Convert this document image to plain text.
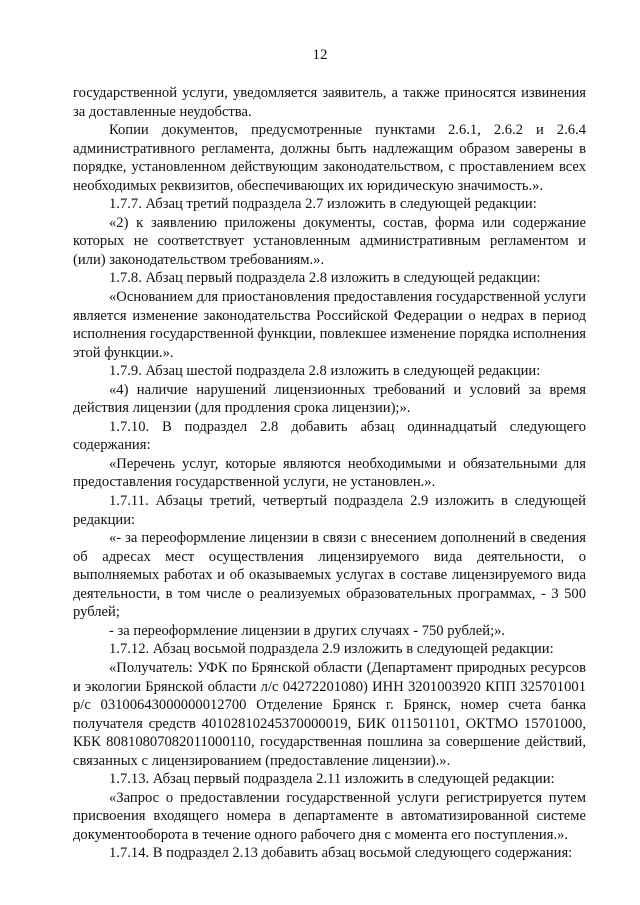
12

государственной услуги, уведомляется заявитель, а также приносятся извинения за доставленные неудобства.

Копии документов, предусмотренные пунктами 2.6.1, 2.6.2 и 2.6.4 административного регламента, должны быть надлежащим образом заверены в порядке, установленном действующим законодательством, с проставлением всех необходимых реквизитов, обеспечивающих их юридическую значимость.».

1.7.7. Абзац третий подраздела 2.7 изложить в следующей редакции:

«2) к заявлению приложены документы, состав, форма или содержание которых не соответствует установленным административным регламентом и (или) законодательством требованиям.».

1.7.8. Абзац первый подраздела 2.8 изложить в следующей редакции:

«Основанием для приостановления предоставления государственной услуги является изменение законодательства Российской Федерации о недрах в период исполнения государственной функции, повлекшее изменение порядка исполнения этой функции.».

1.7.9. Абзац шестой подраздела 2.8 изложить в следующей редакции:

«4) наличие нарушений лицензионных требований и условий за время действия лицензии (для продления срока лицензии);».

1.7.10. В подраздел 2.8 добавить абзац одиннадцатый следующего содержания:

«Перечень услуг, которые являются необходимыми и обязательными для предоставления государственной услуги, не установлен.».

1.7.11. Абзацы третий, четвертый подраздела 2.9 изложить в следующей редакции:

«- за переоформление лицензии в связи с внесением дополнений в сведения об адресах мест осуществления лицензируемого вида деятельности, о выполняемых работах и об оказываемых услугах в составе лицензируемого вида деятельности, в том числе о реализуемых образовательных программах, - 3 500 рублей;

- за переоформление лицензии в других случаях - 750 рублей;».

1.7.12. Абзац восьмой подраздела 2.9 изложить в следующей редакции:

«Получатель: УФК по Брянской области (Департамент природных ресурсов и экологии Брянской области л/с 04272201080) ИНН 3201003920 КПП 325701001 р/с 03100643000000012700 Отделение Брянск г. Брянск, номер счета банка получателя средств 40102810245370000019, БИК 011501101, ОКТМО 15701000, КБК 80810807082011000110, государственная пошлина за совершение действий, связанных с лицензированием (предоставление лицензии).».

1.7.13. Абзац первый подраздела 2.11 изложить в следующей редакции:

«Запрос о предоставлении государственной услуги регистрируется путем присвоения входящего номера в департаменте в автоматизированной системе документооборота в течение одного рабочего дня с момента его поступления.».

1.7.14. В подраздел 2.13 добавить абзац восьмой следующего содержания:
